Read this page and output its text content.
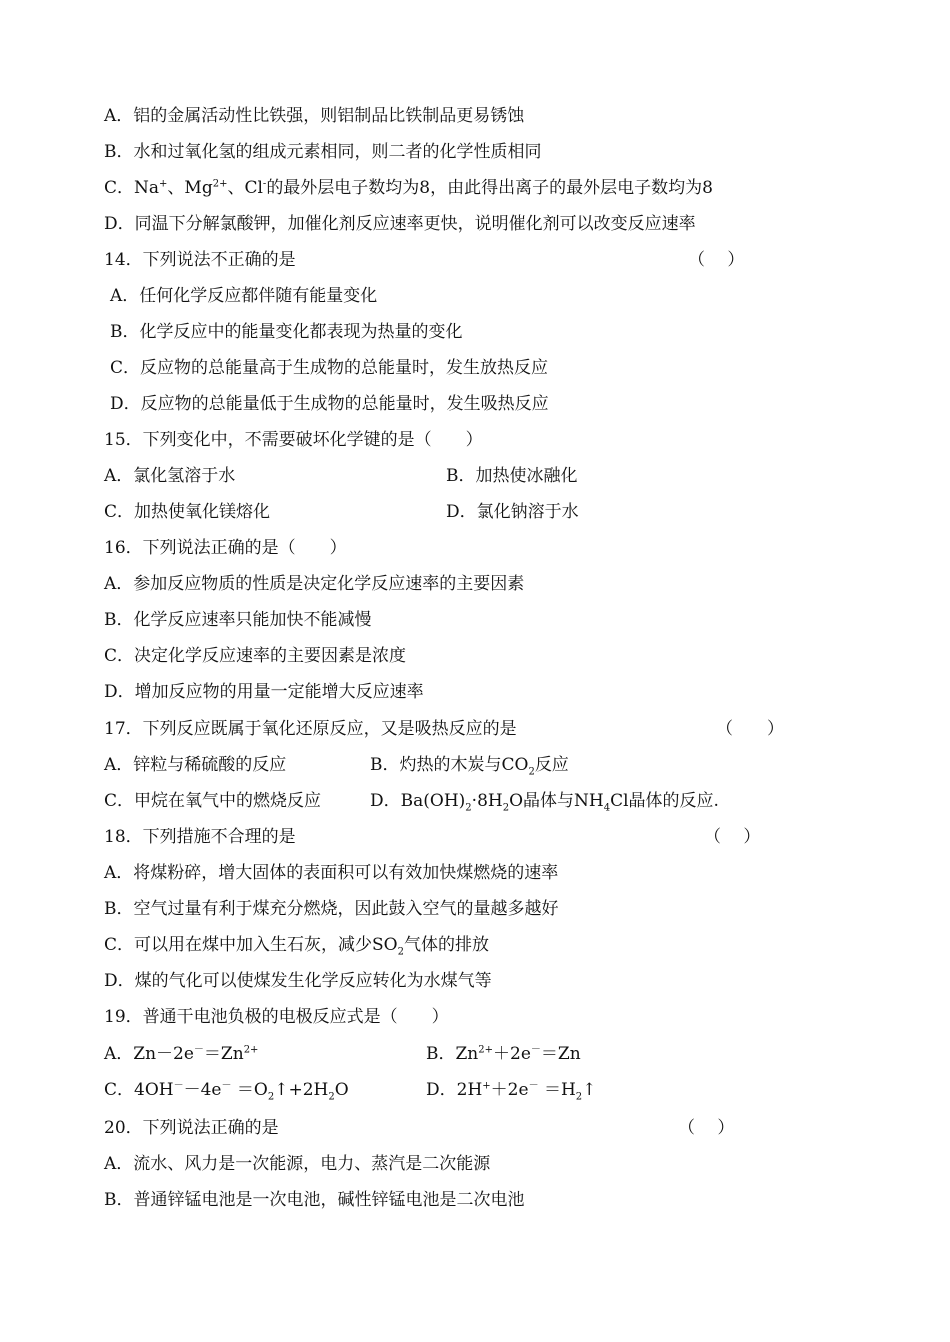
A．铝的金属活动性比铁强，则铝制品比铁制品更易锈蚀
B．水和过氧化氢的组成元素相同，则二者的化学性质相同
C．Na+、$Mg^{2+}$、Cl-的最外层电子数均为8，由此得出离子的最外层电子数均为8
D．同温下分解氯酸钾，加催化剂反应速率更快，说明催化剂可以改变反应速率
14．下列说法不正确的是	（　 ）
A．任何化学反应都伴随有能量变化
B．化学反应中的能量变化都表现为热量的变化
C．反应物的总能量高于生成物的总能量时，发生放热反应
D．反应物的总能量低于生成物的总能量时，发生吸热反应
15．下列变化中，不需要破坏化学键的是（　　）
A．氯化氢溶于水	B．加热使冰融化
C．加热使氧化镁熔化	D．氯化钠溶于水
16．下列说法正确的是（　　）
A．参加反应物质的性质是决定化学反应速率的主要因素
B．化学反应速率只能加快不能减慢
C．决定化学反应速率的主要因素是浓度
D．增加反应物的用量一定能增大反应速率
17．下列反应既属于氧化还原反应，又是吸热反应的是	（　　）
A．锌粒与稀硫酸的反应	B．灼热的木炭与$CO_2$反应
C．甲烷在氧气中的燃烧反应	D．$Ba(OH)_2\cdot 8H_2O$晶体与$NH_4Cl$晶体的反应.
18．下列措施不合理的是	（　 ）
A．将煤粉碎，增大固体的表面积可以有效加快煤燃烧的速率
B．空气过量有利于煤充分燃烧，因此鼓入空气的量越多越好
C．可以用在煤中加入生石灰，减少$SO_2$气体的排放
D．煤的气化可以使煤发生化学反应转化为水煤气等
19．普通干电池负极的电极反应式是（　　）
A．$Zn-2e^-=Zn^{2+}$	B．$Zn^{2+}+2e^-=Zn$
C．$4OH^--4e^- =O_2↑+2H_2O$	D．$2H^++2e^- =H_2↑$
20．下列说法正确的是	（　 ）
A．流水、风力是一次能源，电力、蒸汽是二次能源
B．普通锌锰电池是一次电池，碱性锌锰电池是二次电池
